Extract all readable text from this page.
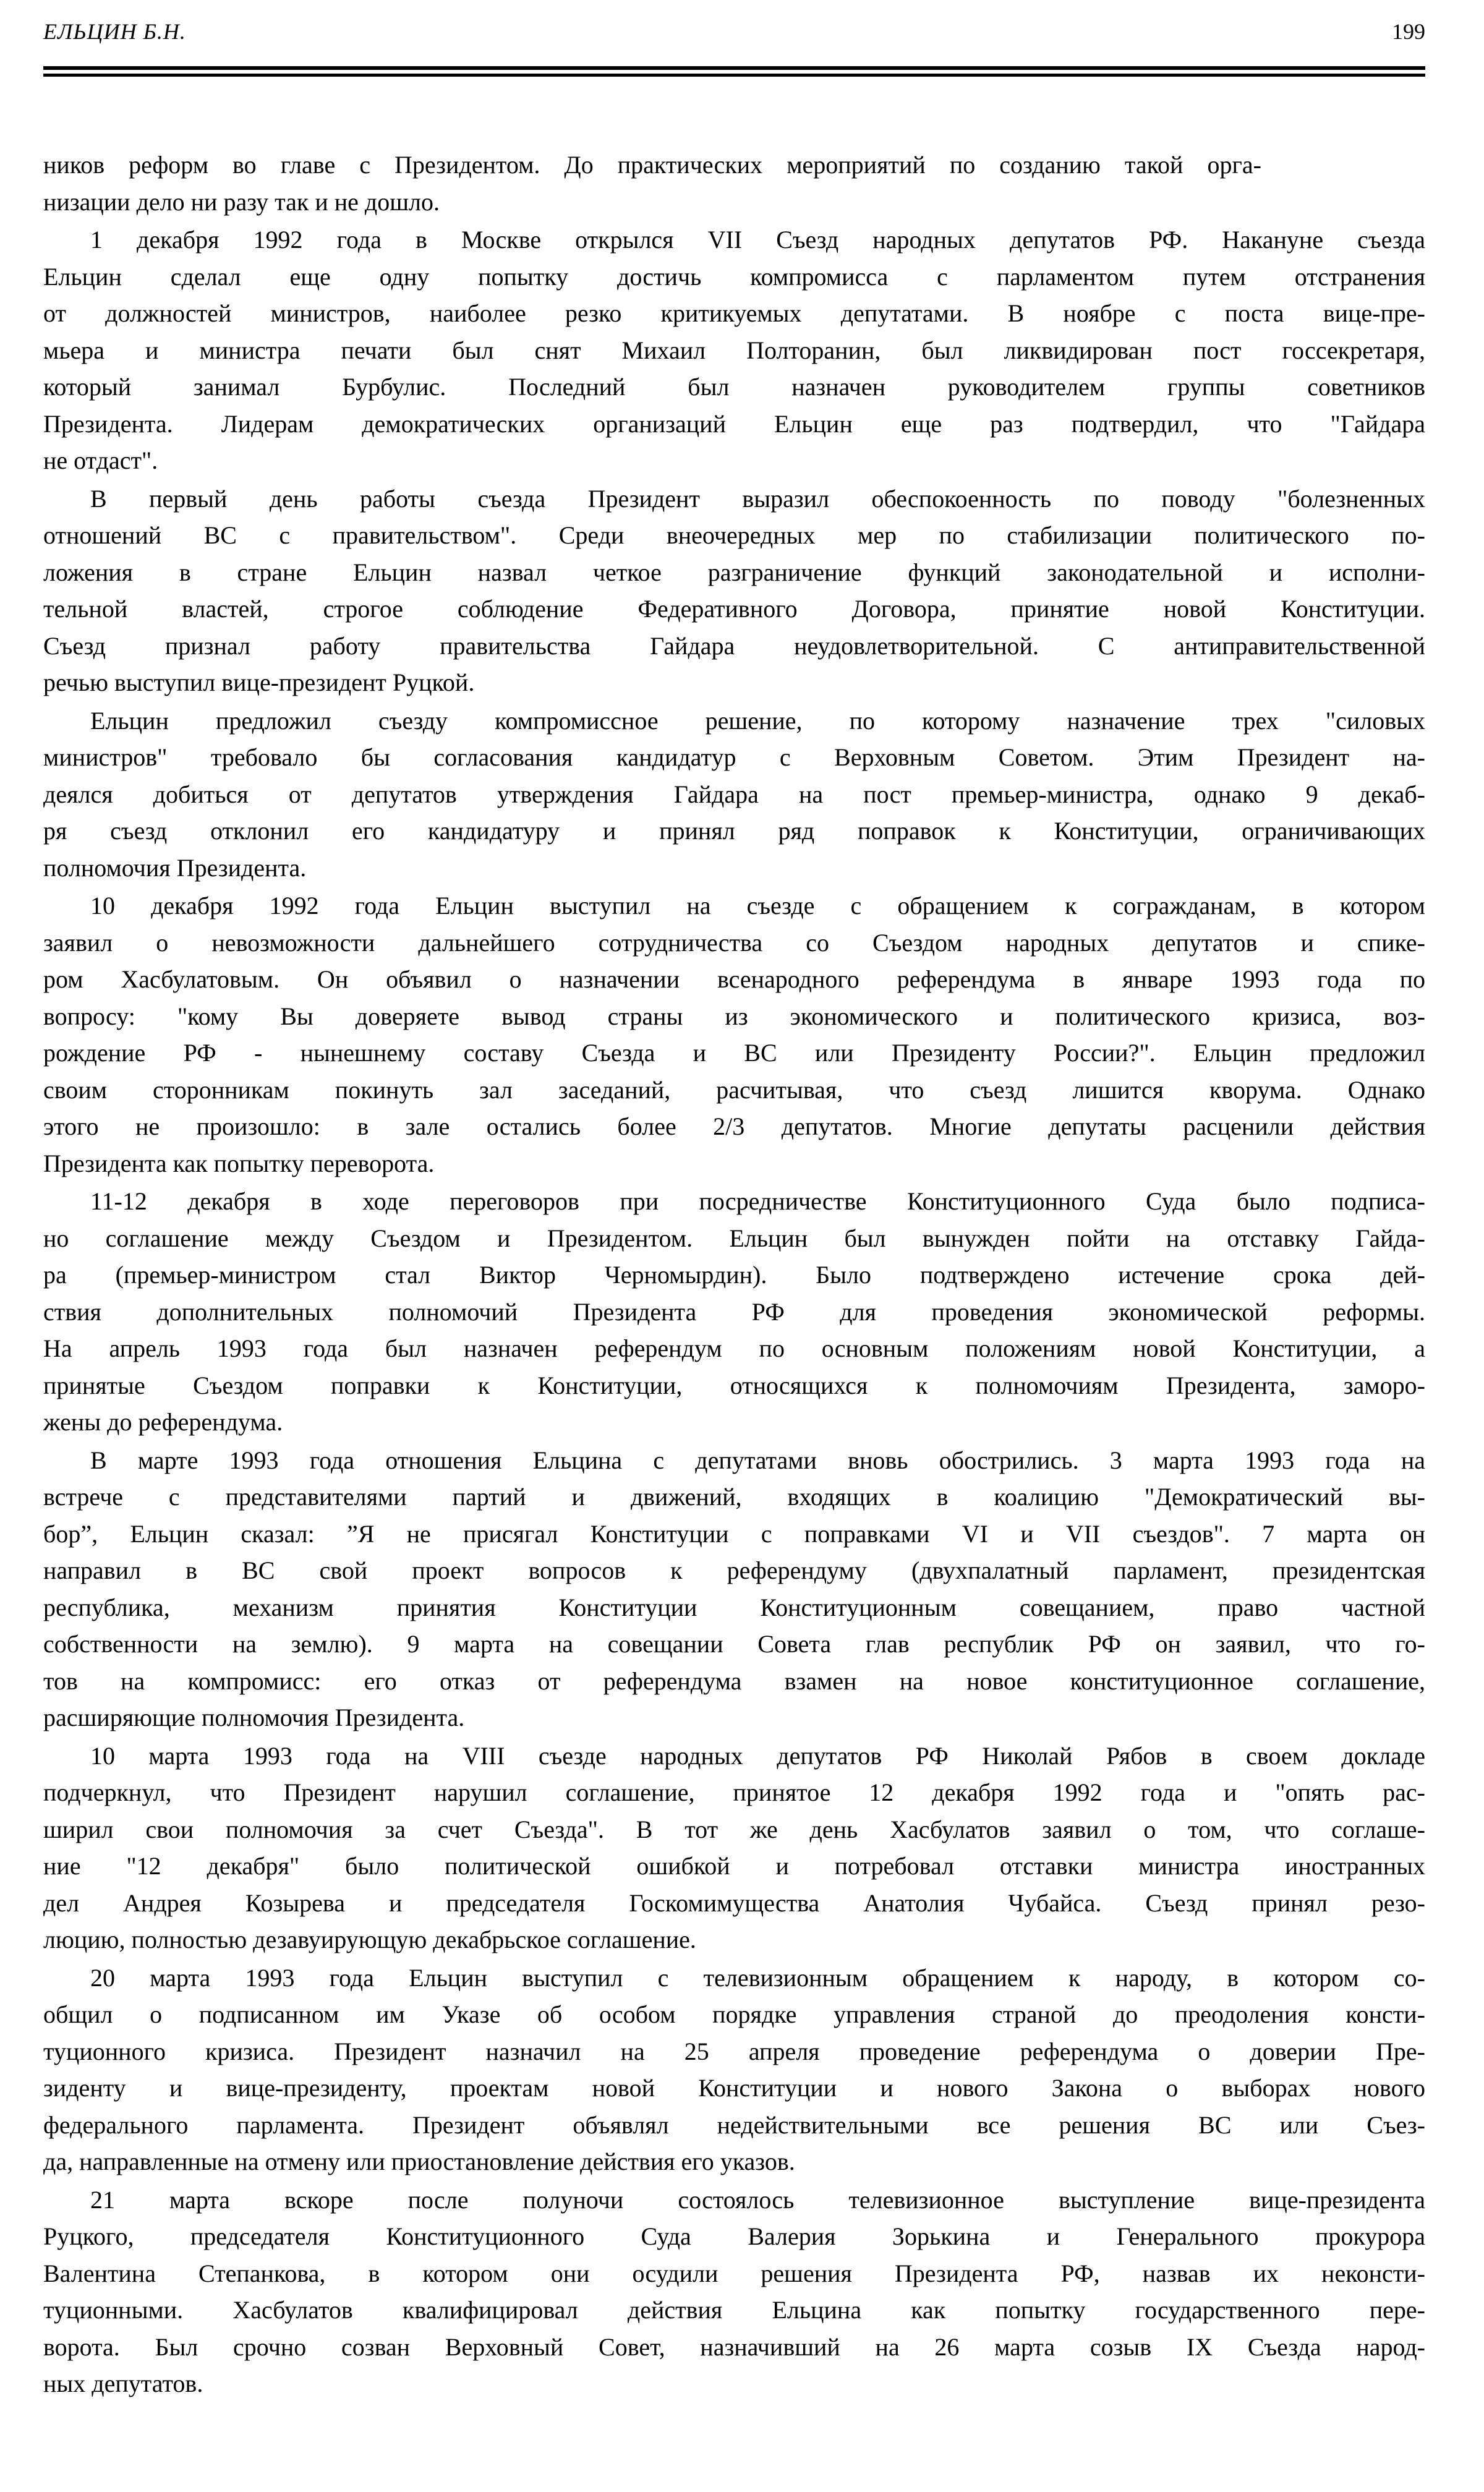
ЕЛЬЦИН Б.Н.	199
ников реформ во главе с Президентом. До практических мероприятий по созданию такой орга-
низации дело ни разу так и не дошло.
1 декабря 1992 года в Москве открылся VII Съезд народных депутатов РФ. Накануне съезда
Ельцин сделал еще одну попытку достичь компромисса с парламентом путем отстранения
от должностей министров, наиболее резко критикуемых депутатами. В ноябре с поста вице-пре-
мьера и министра печати был снят Михаил Полторанин, был ликвидирован пост госсекретаря,
который занимал Бурбулис. Последний был назначен руководителем группы советников
Президента. Лидерам демократических организаций Ельцин еще раз подтвердил, что "Гайдара
не отдаст".
В первый день работы съезда Президент выразил обеспокоенность по поводу "болезненных
отношений ВС с правительством". Среди внеочередных мер по стабилизации политического по-
ложения в стране Ельцин назвал четкое разграничение функций законодательной и исполни-
тельной властей, строгое соблюдение Федеративного Договора, принятие новой Конституции.
Съезд признал работу правительства Гайдара неудовлетворительной. С антиправительственной
речью выступил вице-президент Руцкой.
Ельцин предложил съезду компромиссное решение, по которому назначение трех "силовых
министров" требовало бы согласования кандидатур с Верховным Советом. Этим Президент на-
деялся добиться от депутатов утверждения Гайдара на пост премьер-министра, однако 9 декаб-
ря съезд отклонил его кандидатуру и принял ряд поправок к Конституции, ограничивающих
полномочия Президента.
10 декабря 1992 года Ельцин выступил на съезде с обращением к согражданам, в котором
заявил о невозможности дальнейшего сотрудничества со Съездом народных депутатов и спике-
ром Хасбулатовым. Он объявил о назначении всенародного референдума в январе 1993 года по
вопросу: "кому Вы доверяете вывод страны из экономического и политического кризиса, воз-
рождение РФ - нынешнему составу Съезда и ВС или Президенту России?". Ельцин предложил
своим сторонникам покинуть зал заседаний, расчитывая, что съезд лишится кворума. Однако
этого не произошло: в зале остались более 2/3 депутатов. Многие депутаты расценили действия
Президента как попытку переворота.
11-12 декабря в ходе переговоров при посредничестве Конституционного Суда было подписа-
но соглашение между Съездом и Президентом. Ельцин был вынужден пойти на отставку Гайда-
ра (премьер-министром стал Виктор Черномырдин). Было подтверждено истечение срока дей-
ствия дополнительных полномочий Президента РФ для проведения экономической реформы.
На апрель 1993 года был назначен референдум по основным положениям новой Конституции, а
принятые Съездом поправки к Конституции, относящихся к полномочиям Президента, заморо-
жены до референдума.
В марте 1993 года отношения Ельцина с депутатами вновь обострились. 3 марта 1993 года на
встрече с представителями партий и движений, входящих в коалицию "Демократический вы-
бор”, Ельцин сказал: ”Я не присягал Конституции с поправками VI и VII съездов". 7 марта он
направил в ВС свой проект вопросов к референдуму (двухпалатный парламент, президентская
республика, механизм принятия Конституции Конституционным совещанием, право частной
собственности на землю). 9 марта на совещании Совета глав республик РФ он заявил, что го-
тов на компромисс: его отказ от референдума взамен на новое конституционное соглашение,
расширяющие полномочия Президента.
10 марта 1993 года на VIII съезде народных депутатов РФ Николай Рябов в своем докладе
подчеркнул, что Президент нарушил соглашение, принятое 12 декабря 1992 года и "опять рас-
ширил свои полномочия за счет Съезда". В тот же день Хасбулатов заявил о том, что соглаше-
ние "12 декабря" было политической ошибкой и потребовал отставки министра иностранных
дел Андрея Козырева и председателя Госкомимущества Анатолия Чубайса. Съезд принял резо-
люцию, полностью дезавуирующую декабрьское соглашение.
20 марта 1993 года Ельцин выступил с телевизионным обращением к народу, в котором со-
общил о подписанном им Указе об особом порядке управления страной до преодоления консти-
туционного кризиса. Президент назначил на 25 апреля проведение референдума о доверии Пре-
зиденту и вице-президенту, проектам новой Конституции и нового Закона о выборах нового
федерального парламента. Президент объявлял недействительными все решения ВС или Съез-
да, направленные на отмену или приостановление действия его указов.
21 марта вскоре после полуночи состоялось телевизионное выступление вице-президента
Руцкого, председателя Конституционного Суда Валерия Зорькина и Генерального прокурора
Валентина Степанкова, в котором они осудили решения Президента РФ, назвав их неконсти-
туционными. Хасбулатов квалифицировал действия Ельцина как попытку государственного пере-
ворота. Был срочно созван Верховный Совет, назначивший на 26 марта созыв IX Съезда народ-
ных депутатов.
